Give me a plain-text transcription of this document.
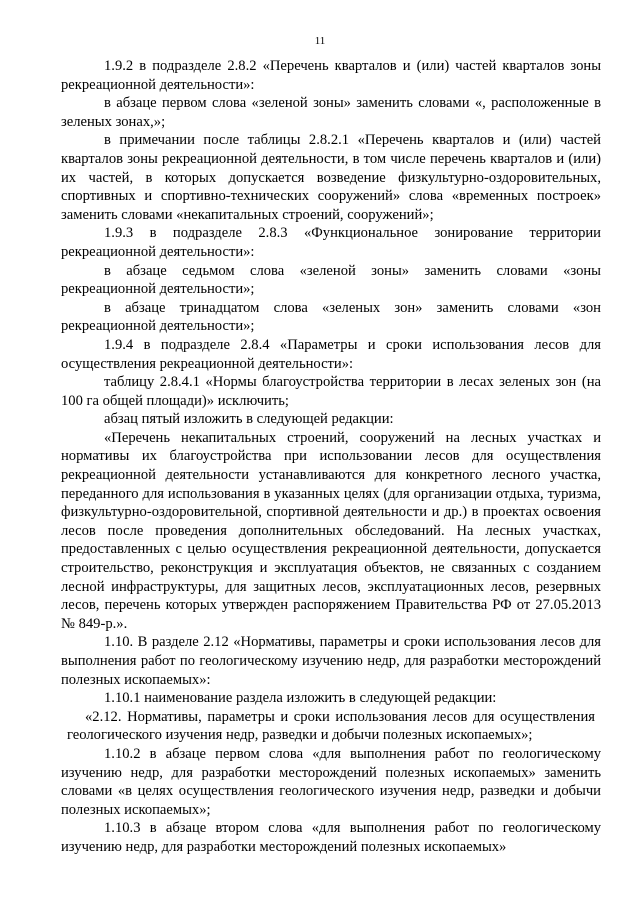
11

1.9.2 в подразделе 2.8.2 «Перечень кварталов и (или) частей кварталов зоны рекреационной деятельности»:

в абзаце первом слова «зеленой зоны» заменить словами «, расположенные в зеленых зонах,»;

в примечании после таблицы 2.8.2.1 «Перечень кварталов и (или) частей кварталов зоны рекреационной деятельности, в том числе перечень кварталов и (или) их частей, в которых допускается возведение физкультурно-оздоровительных, спортивных и спортивно-технических сооружений» слова «временных построек» заменить словами «некапитальных строений, сооружений»;

1.9.3 в подразделе 2.8.3 «Функциональное зонирование территории рекреационной деятельности»:

в абзаце седьмом слова «зеленой зоны» заменить словами «зоны рекреационной деятельности»;

в абзаце тринадцатом слова «зеленых зон» заменить словами «зон рекреационной деятельности»;

1.9.4 в подразделе 2.8.4 «Параметры и сроки использования лесов для осуществления рекреационной деятельности»:

таблицу 2.8.4.1 «Нормы благоустройства территории в лесах зеленых зон (на 100 га общей площади)» исключить;

абзац пятый изложить в следующей редакции:

«Перечень некапитальных строений, сооружений на лесных участках и нормативы их благоустройства при использовании лесов для осуществления рекреационной деятельности устанавливаются для конкретного лесного участка, переданного для использования в указанных целях (для организации отдыха, туризма, физкультурно-оздоровительной, спортивной деятельности и др.) в проектах освоения лесов после проведения дополнительных обследований. На лесных участках, предоставленных с целью осуществления рекреационной деятельности, допускается строительство, реконструкция и эксплуатация объектов, не связанных с созданием лесной инфраструктуры, для защитных лесов, эксплуатационных лесов, резервных лесов, перечень которых утвержден распоряжением Правительства РФ от 27.05.2013 № 849-р.».

1.10. В разделе 2.12 «Нормативы, параметры и сроки использования лесов для выполнения работ по геологическому изучению недр, для разработки месторождений полезных ископаемых»:

1.10.1 наименование раздела изложить в следующей редакции:

«2.12. Нормативы, параметры и сроки использования лесов для осуществления геологического изучения недр, разведки и добычи полезных ископаемых»;

1.10.2 в абзаце первом слова «для выполнения работ по геологическому изучению недр, для разработки месторождений полезных ископаемых» заменить словами «в целях осуществления геологического изучения недр, разведки и добычи полезных ископаемых»;

1.10.3 в абзаце втором слова «для выполнения работ по геологическому изучению недр, для разработки месторождений полезных ископаемых»
